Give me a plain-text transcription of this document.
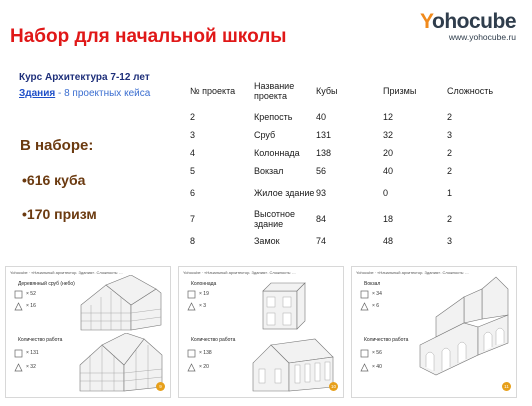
Набор для начальной школы
Yohocube
www.yohocube.ru
Курс Архитектура 7-12 лет
Здания - 8 проектных кейса
В наборе:
•616 куба
•170 призм
№ проекта	Название проекта	Кубы	Призмы	Сложность
2	Крепость	40	12	2
3	Сруб	131	32	3
4	Колоннада	138	20	2
5	Вокзал	56	40	2
6	Жилое здание	93	0	1
7	Высотное здание	84	18	2
8	Замок	74	48	3
Yohocube · «Начальный архитектор. Здания». Сложность: ...
Деревянный сруб (небо)
× 52
× 16
Количество работа
× 131
× 32
9
Yohocube · «Начальный архитектор. Здания». Сложность: ...
Колоннада
× 19
× 3
Количество работа
× 138
× 20
10
Yohocube · «Начальный архитектор. Здания». Сложность: ...
Вокзал
× 34
× 6
Количество работа
× 56
× 40
11
